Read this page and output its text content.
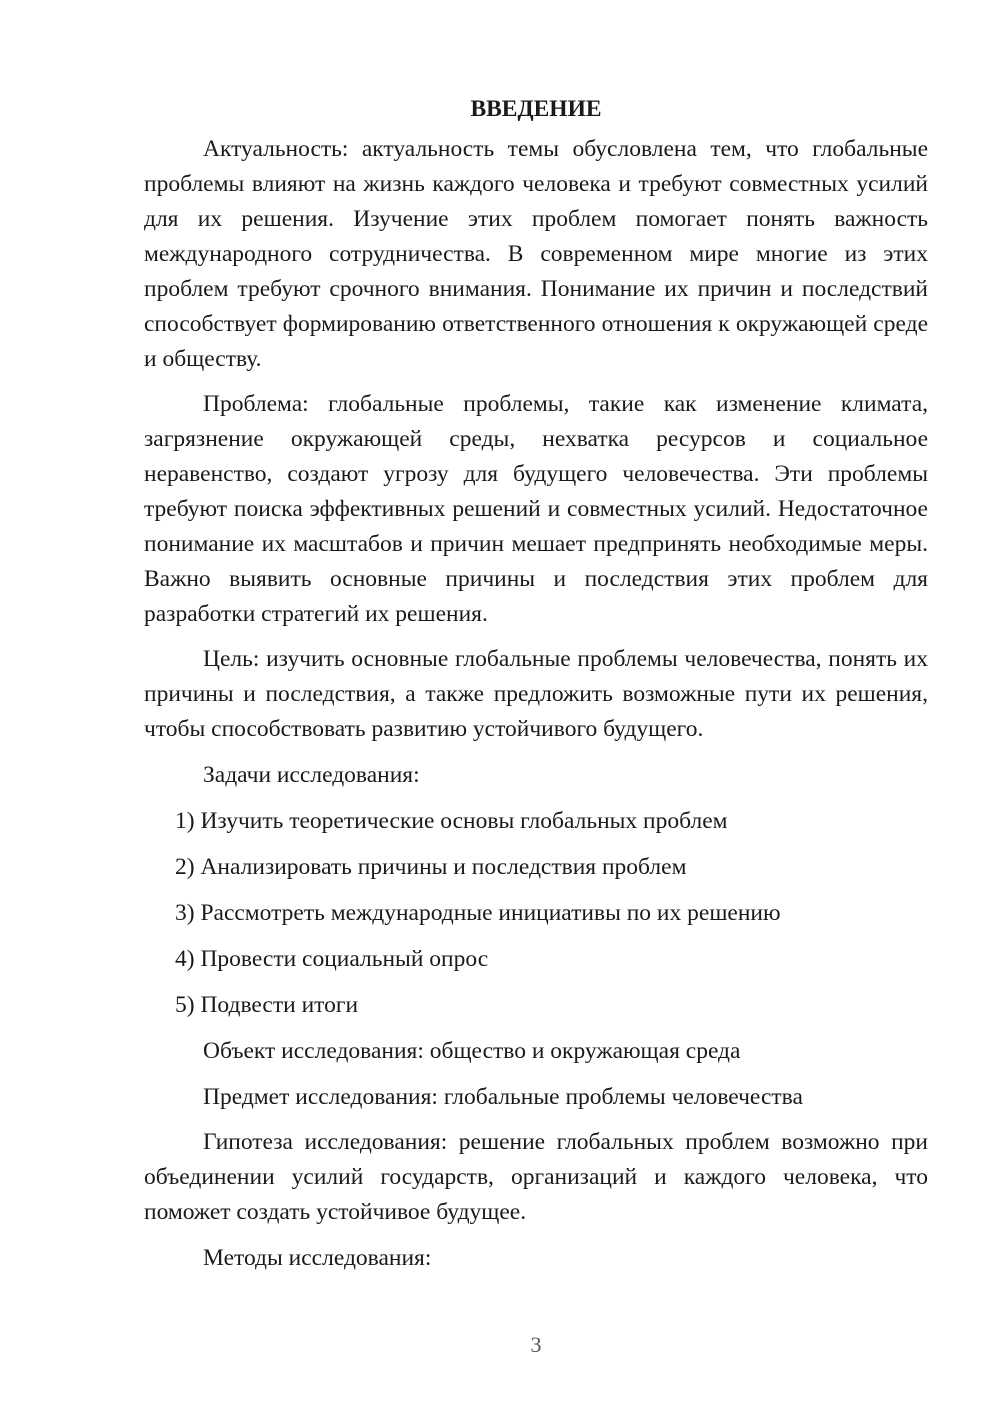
ВВЕДЕНИЕ

Актуальность: актуальность темы обусловлена тем, что глобальные проблемы влияют на жизнь каждого человека и требуют совместных усилий для их решения. Изучение этих проблем помогает понять важность международного сотрудничества. В современном мире многие из этих проблем требуют срочного внимания. Понимание их причин и последствий способствует формированию ответственного отношения к окружающей среде и обществу.

Проблема: глобальные проблемы, такие как изменение климата, загрязнение окружающей среды, нехватка ресурсов и социальное неравенство, создают угрозу для будущего человечества. Эти проблемы требуют поиска эффективных решений и совместных усилий. Недостаточное понимание их масштабов и причин мешает предпринять необходимые меры. Важно выявить основные причины и последствия этих проблем для разработки стратегий их решения.

Цель: изучить основные глобальные проблемы человечества, понять их причины и последствия, а также предложить возможные пути их решения, чтобы способствовать развитию устойчивого будущего.

Задачи исследования:

1) Изучить теоретические основы глобальных проблем

2) Анализировать причины и последствия проблем

3) Рассмотреть международные инициативы по их решению

4) Провести социальный опрос

5) Подвести итоги

Объект исследования: общество и окружающая среда

Предмет исследования: глобальные проблемы человечества

Гипотеза исследования: решение глобальных проблем возможно при объединении усилий государств, организаций и каждого человека, что поможет создать устойчивое будущее.

Методы исследования:

3
